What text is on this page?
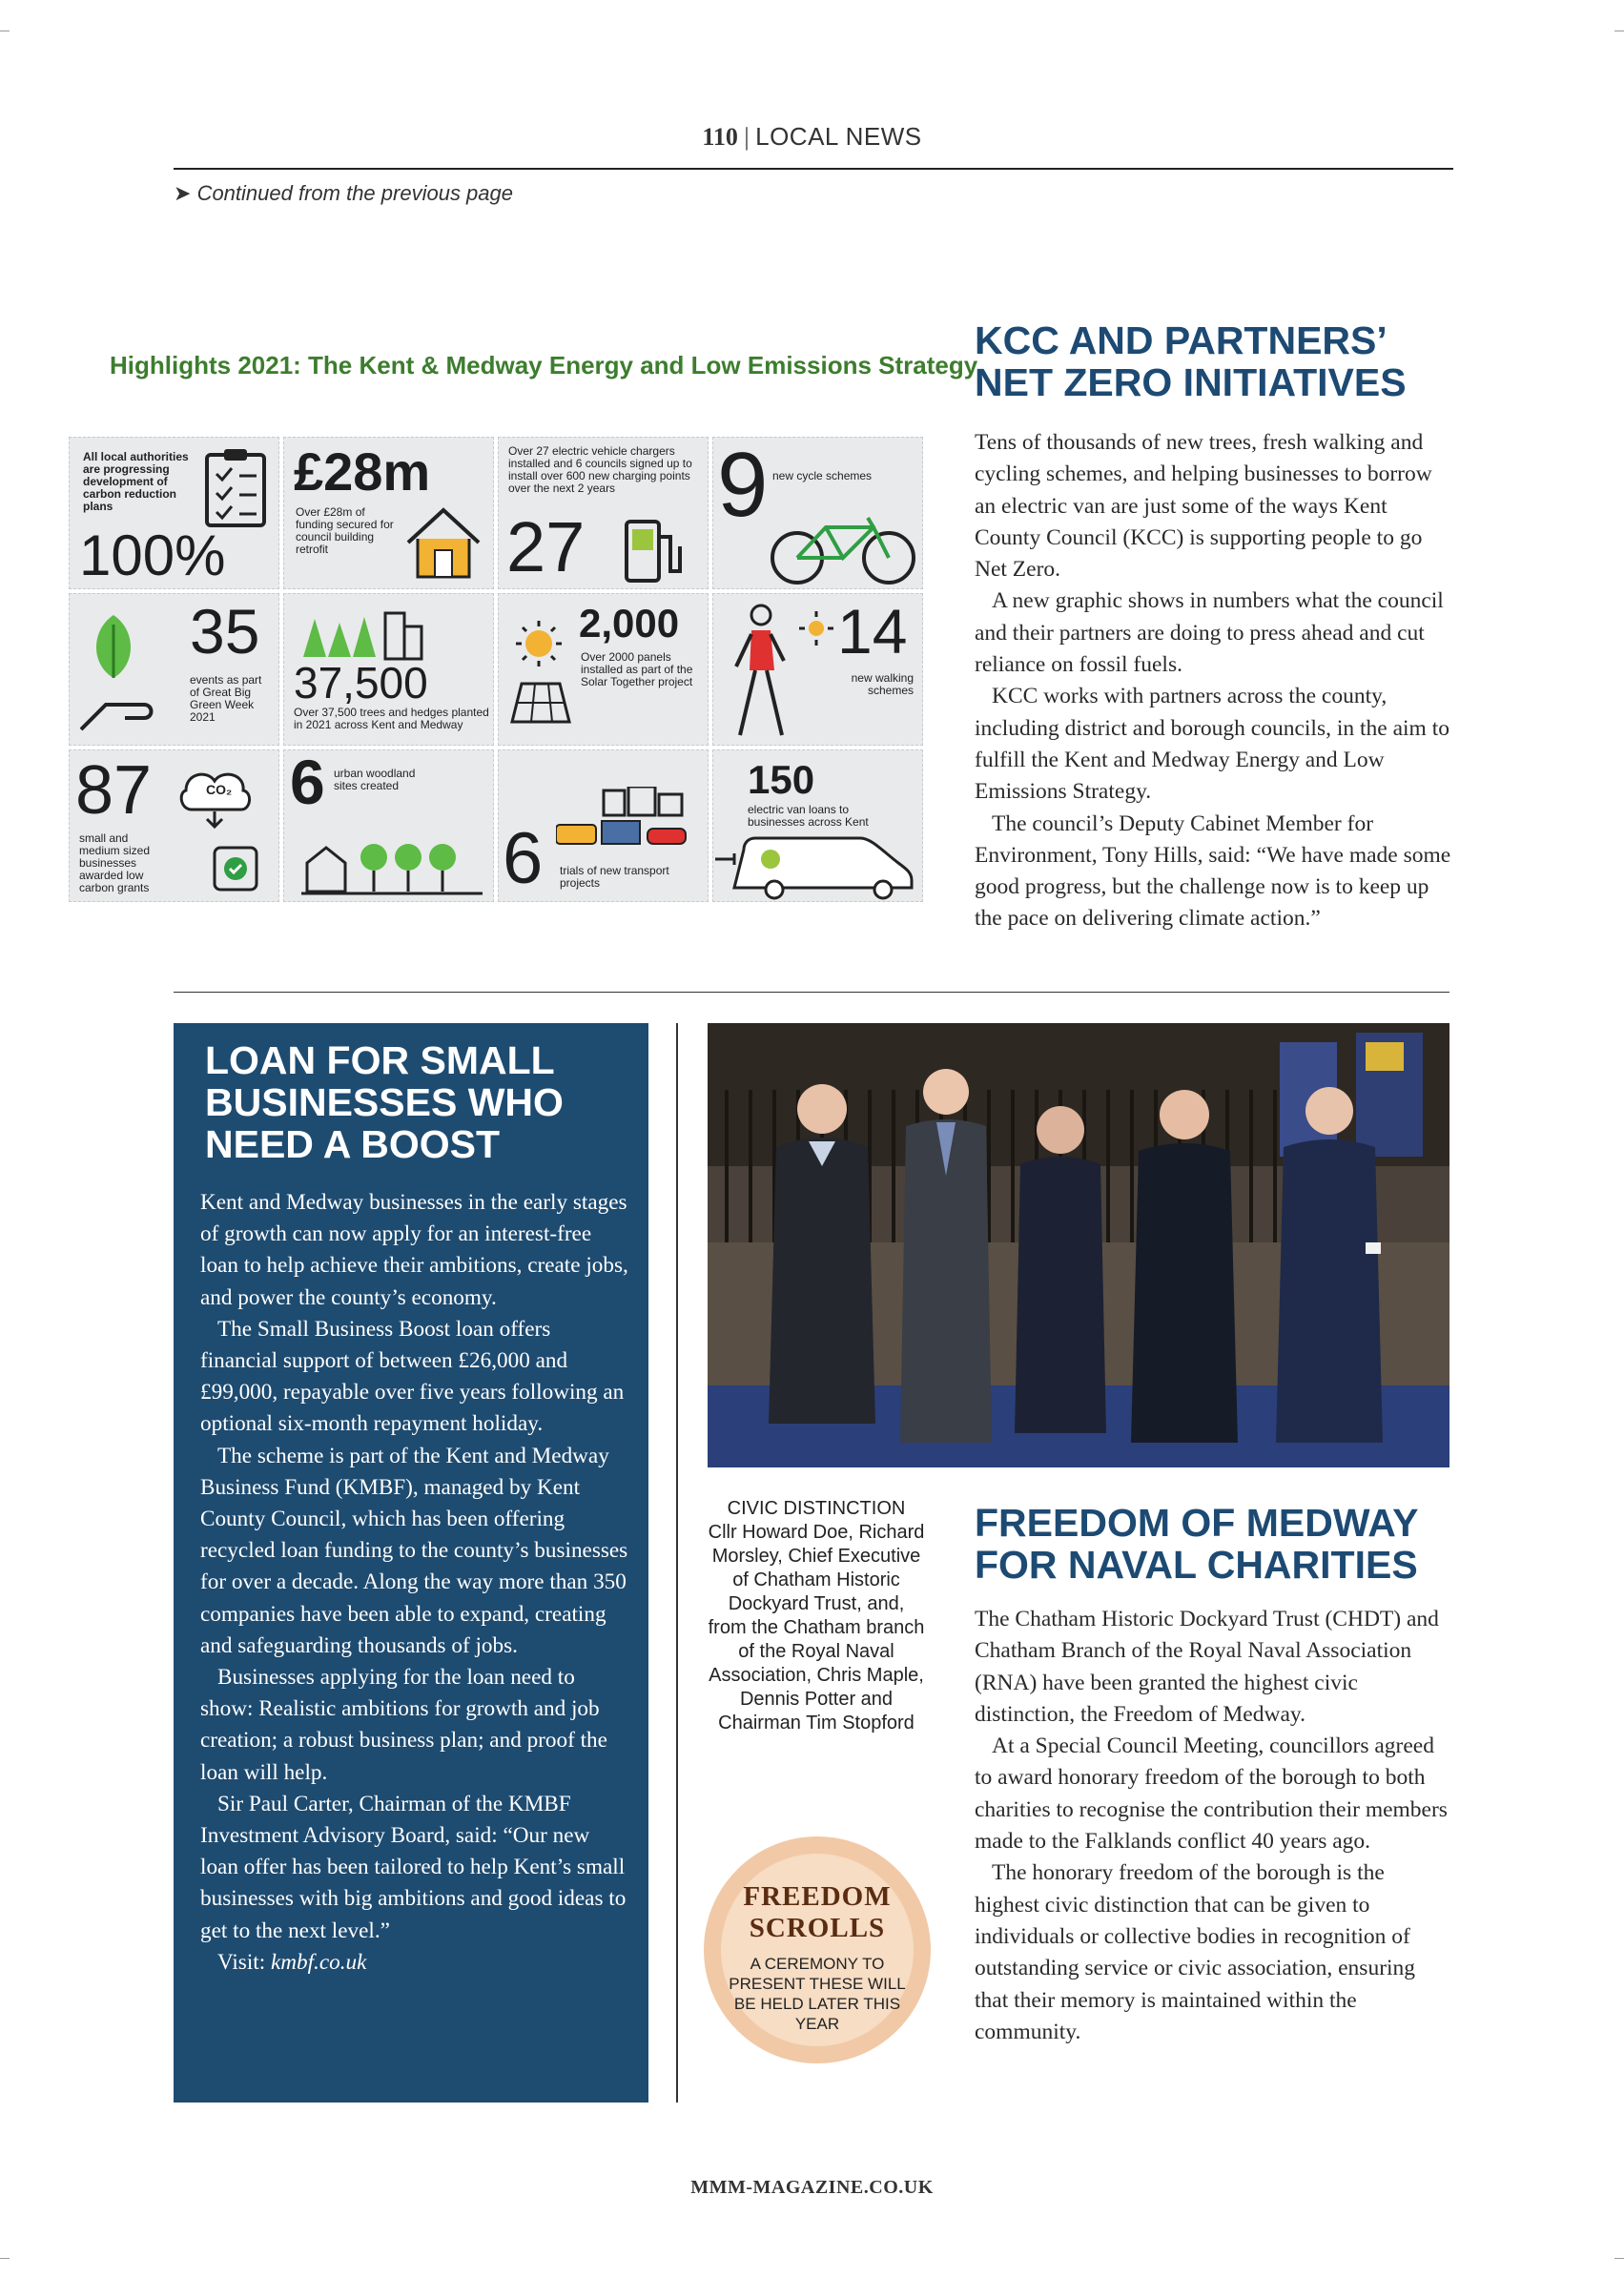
110 | LOCAL NEWS
➤ Continued from the previous page
Highlights 2021: The Kent & Medway Energy and Low Emissions Strategy
All local authorities are progressing development of carbon reduction plans
100%
£28m
Over £28m of funding secured for council building retrofit
Over 27 electric vehicle chargers installed and 6 councils signed up to install over 600 new charging points over the next 2 years
27
9 new cycle schemes
35
events as part of Great Big Green Week 2021
37,500
Over 37,500 trees and hedges planted in 2021 across Kent and Medway
2,000
Over 2000 panels installed as part of the Solar Together project
14
new walking schemes
87
small and medium sized businesses awarded low carbon grants
CO₂ 6 urban woodland sites created
6 trials of new transport projects
150
electric van loans to businesses across Kent
KCC AND PARTNERS’ NET ZERO INITIATIVES

Tens of thousands of new trees, fresh walking and cycling schemes, and helping businesses to borrow an electric van are just some of the ways Kent County Council (KCC) is supporting people to go Net Zero.

A new graphic shows in numbers what the council and their partners are doing to press ahead and cut reliance on fossil fuels.

KCC works with partners across the county, including district and borough councils, in the aim to fulfill the Kent and Medway Energy and Low Emissions Strategy.

The council’s Deputy Cabinet Member for Environment, Tony Hills, said: “We have made some good progress, but the challenge now is to keep up the pace on delivering climate action.”

LOAN FOR SMALL BUSINESSES WHO NEED A BOOST

Kent and Medway businesses in the early stages of growth can now apply for an interest-free loan to help achieve their ambitions, create jobs, and power the county’s economy.

The Small Business Boost loan offers financial support of between £26,000 and £99,000, repayable over five years following an optional six-month repayment holiday.

The scheme is part of the Kent and Medway Business Fund (KMBF), managed by Kent County Council, which has been offering recycled loan funding to the county’s businesses for over a decade. Along the way more than 350 companies have been able to expand, creating and safeguarding thousands of jobs.

Businesses applying for the loan need to show: Realistic ambitions for growth and job creation; a robust business plan; and proof the loan will help.

Sir Paul Carter, Chairman of the KMBF Investment Advisory Board, said: “Our new loan offer has been tailored to help Kent’s small businesses with big ambitions and good ideas to get to the next level.”

Visit: kmbf.co.uk

CIVIC DISTINCTION
Cllr Howard Doe, Richard Morsley, Chief Executive of Chatham Historic Dockyard Trust, and, from the Chatham branch of the Royal Naval Association, Chris Maple, Dennis Potter and Chairman Tim Stopford
FREEDOM SCROLLS
A CEREMONY TO PRESENT THESE WILL BE HELD LATER THIS YEAR
FREEDOM OF MEDWAY FOR NAVAL CHARITIES

The Chatham Historic Dockyard Trust (CHDT) and Chatham Branch of the Royal Naval Association (RNA) have been granted the highest civic distinction, the Freedom of Medway.

At a Special Council Meeting, councillors agreed to award honorary freedom of the borough to both charities to recognise the contribution their members made to the Falklands conflict 40 years ago.

The honorary freedom of the borough is the highest civic distinction that can be given to individuals or collective bodies in recognition of outstanding service or civic association, ensuring that their memory is maintained within the community.

MMM-MAGAZINE.CO.UK
